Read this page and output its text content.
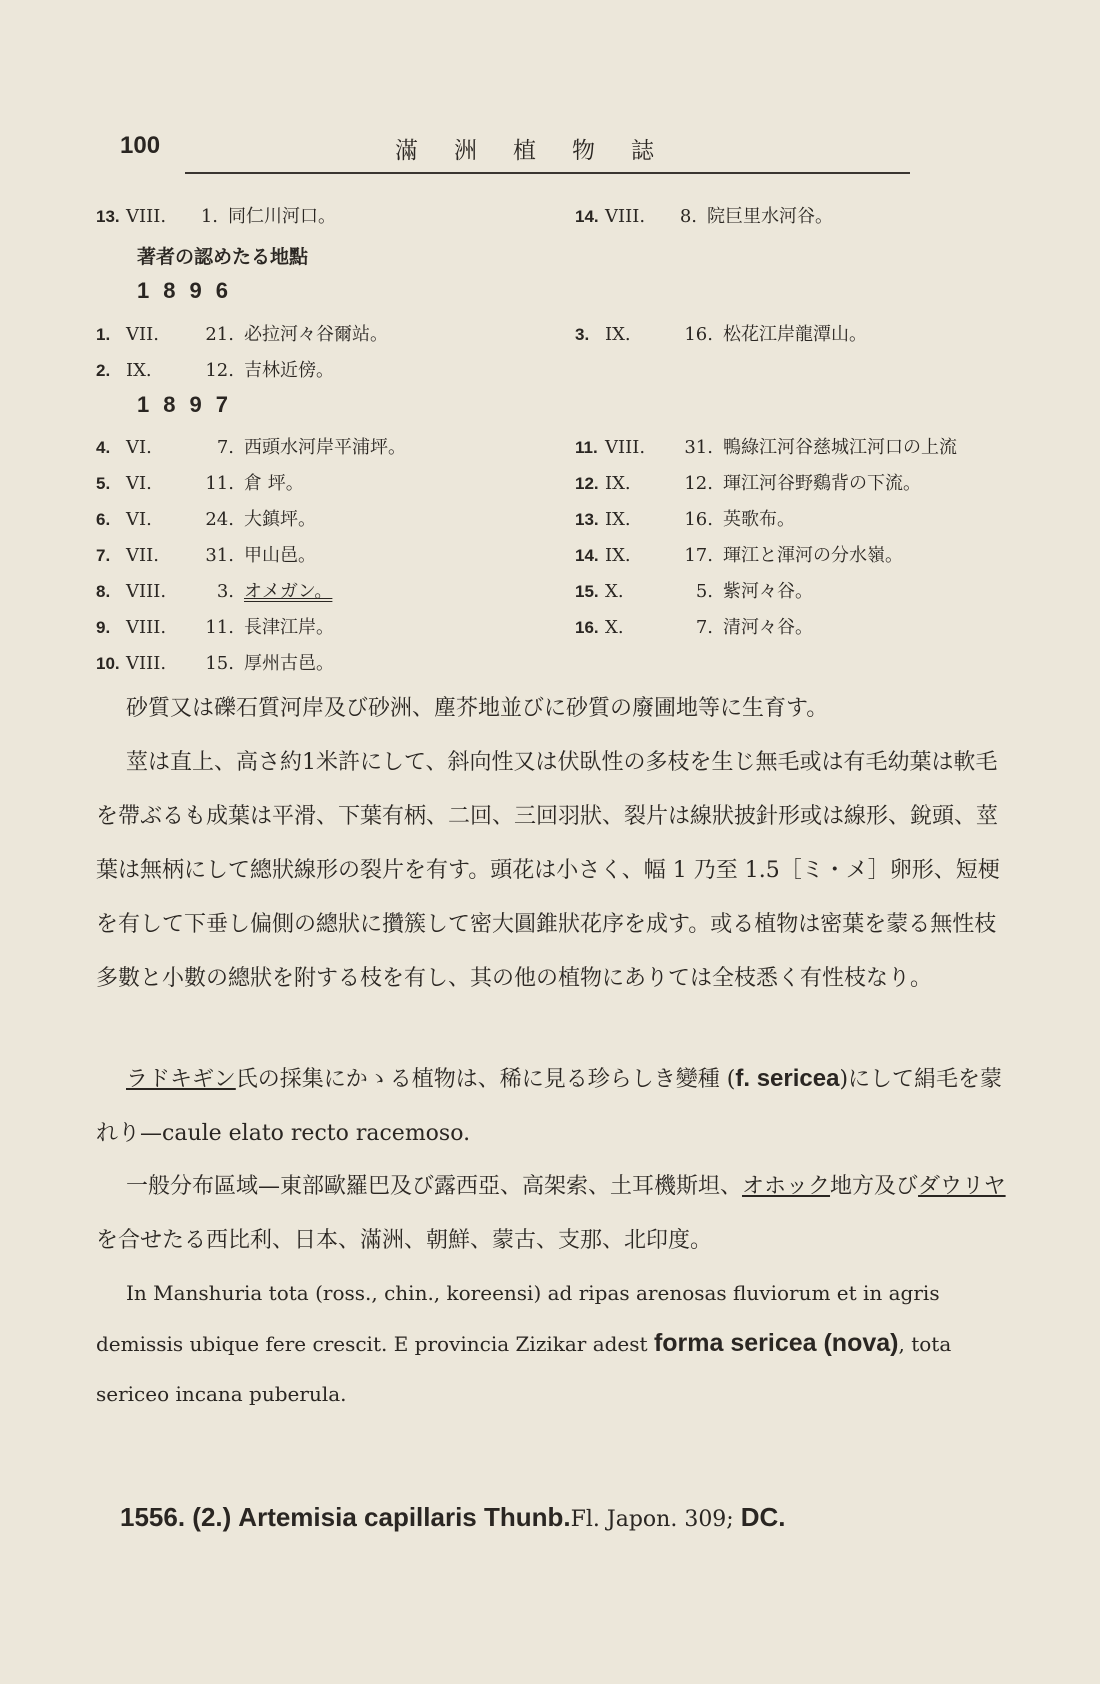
100	滿洲植物誌
13. VIII. 1. 同仁川河口。	14. VIII. 8. 院巨里水河谷。
著者の認めたる地點
1896
1. VII.	21. 必拉河々谷爾站。	3. IX.	16. 松花江岸龍潭山。
2. IX.	12. 吉林近傍。
1897
4. VI.	7. 西頭水河岸平浦坪。
5. VI.	11. 倉 坪。
6. VI.	24. 大鎮坪。
7. VII.	31. 甲山邑。
8. VIII.	3. オメガン。
9. VIII. 11. 長津江岸。
10. VIII. 15. 厚州古邑。
11. VIII. 31. 鴨綠江河谷慈城江河口の上流
12. IX.	12. 琿江河谷野鷄背の下流。
13. IX.	16. 英歌布。
14. IX.	17. 琿江と渾河の分水嶺。
15. X.	5. 紫河々谷。
16. X.	7. 清河々谷。
砂質又は礫石質河岸及び砂洲、塵芥地並びに砂質の廢圃地等に生育す。
莖は直上、高さ約1米許にして、斜向性又は伏臥性の多枝を生じ無毛或は有毛幼葉は軟毛を帶ぶるも成葉は平滑、下葉有柄、二回、三回羽狀、裂片は線狀披針形或は線形、銳頭、莖葉は無柄にして總狀線形の裂片を有す。頭花は小さく、幅 1 乃至 1.5［ミ・メ］卵形、短梗を有して下垂し偏側の總狀に攢簇して密大圓錐狀花序を成す。或る植物は密葉を蒙る無性枝多數と小數の總狀を附する枝を有し、其の他の植物にありては全枝悉く有性枝なり。
ラドキギン氏の採集にかゝる植物は、稀に見る珍らしき變種 (f. sericea)にして絹毛を蒙れり—caule elato recto racemoso.
一般分布區域—東部歐羅巴及び露西亞、高架索、土耳機斯坦、オホック地方及びダウリヤを合せたる西比利、日本、滿洲、朝鮮、蒙古、支那、北印度。
In Manshuria tota (ross., chin., koreensi) ad ripas arenosas fluviorum et in agris demissis ubique fere crescit. E provincia Zizikar adest forma sericea (nova), tota sericeo incana puberula.
1556. (2.) Artemisia capillaris Thunb.Fl. Japon. 309; DC.
